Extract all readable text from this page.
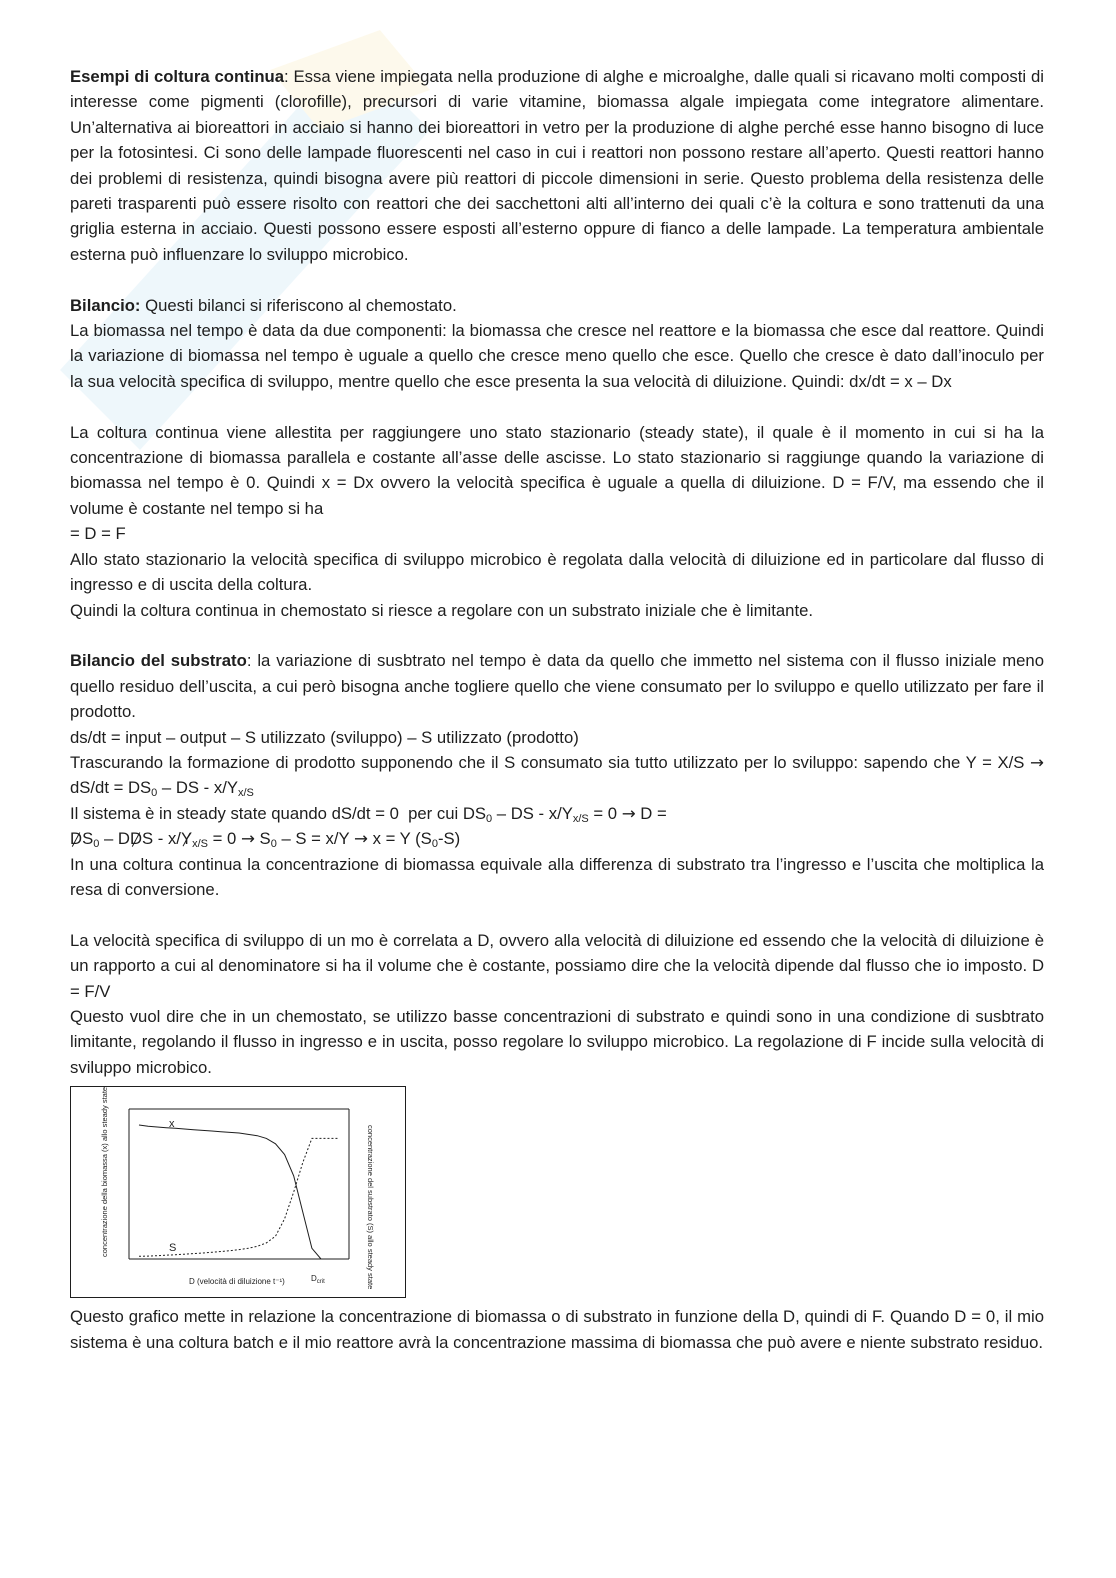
Esempi di coltura continua: Essa viene impiegata nella produzione di alghe e microalghe, dalle quali si ricavano molti composti di interesse come pigmenti (clorofille), precursori di varie vitamine, biomassa algale impiegata come integratore alimentare. Un’alternativa ai bioreattori in acciaio si hanno dei bioreattori in vetro per la produzione di alghe perché esse hanno bisogno di luce per la fotosintesi. Ci sono delle lampade fluorescenti nel caso in cui i reattori non possono restare all’aperto. Questi reattori hanno dei problemi di resistenza, quindi bisogna avere più reattori di piccole dimensioni in serie. Questo problema della resistenza delle pareti trasparenti può essere risolto con reattori che dei sacchettoni alti all’interno dei quali c’è la coltura e sono trattenuti da una griglia esterna in acciaio. Questi possono essere esposti all’esterno oppure di fianco a delle lampade. La temperatura ambientale esterna può influenzare lo sviluppo microbico.

Bilancio: Questi bilanci si riferiscono al chemostato.
La biomassa nel tempo è data da due componenti: la biomassa che cresce nel reattore e la biomassa che esce dal reattore. Quindi la variazione di biomassa nel tempo è uguale a quello che cresce meno quello che esce. Quello che cresce è dato dall’inoculo per la sua velocità specifica di sviluppo, mentre quello che esce presenta la sua velocità di diluizione. Quindi: dx/dt = x – Dx

La coltura continua viene allestita per raggiungere uno stato stazionario (steady state), il quale è il momento in cui si ha la concentrazione di biomassa parallela e costante all’asse delle ascisse. Lo stato stazionario si raggiunge quando la variazione di biomassa nel tempo è 0. Quindi x = Dx ovvero la velocità specifica è uguale a quella di diluizione. D = F/V, ma essendo che il volume è costante nel tempo si ha
= D = F
Allo stato stazionario la velocità specifica di sviluppo microbico è regolata dalla velocità di diluizione ed in particolare dal flusso di ingresso e di uscita della coltura.
Quindi la coltura continua in chemostato si riesce a regolare con un substrato iniziale che è limitante.

Bilancio del substrato: la variazione di susbtrato nel tempo è data da quello che immetto nel sistema con il flusso iniziale meno quello residuo dell’uscita, a cui però bisogna anche togliere quello che viene consumato per lo sviluppo e quello utilizzato per fare il prodotto.
ds/dt = input – output – S utilizzato (sviluppo) – S utilizzato (prodotto)
Trascurando la formazione di prodotto supponendo che il S consumato sia tutto utilizzato per lo sviluppo: sapendo che $Y = X/S \to dS/dt = DS_0$ – DS - $x/Y_{x/S}$

Il sistema è in steady state quando dS/dt = 0  per cui $DS_0$ – DS - $x/Y_{x/S} = 0 \to D$ =

$DS_0$ – DDS - $x/Y_{x/S} = 0 \to S_0 - S = x/Y \to x = Y$ $(S_0-S)$

In una coltura continua la concentrazione di biomassa equivale alla differenza di substrato tra l’ingresso e l’uscita che moltiplica la resa di conversione.

La velocità specifica di sviluppo di un mo è correlata a D, ovvero alla velocità di diluizione ed essendo che la velocità di diluizione è un rapporto a cui al denominatore si ha il volume che è costante, possiamo dire che la velocità dipende dal flusso che io imposto. D = F/V
Questo vuol dire che in un chemostato, se utilizzo basse concentrazioni di substrato e quindi sono in una condizione di susbtrato limitante, regolando il flusso in ingresso e in uscita, posso regolare lo sviluppo microbico. La regolazione di F incide sulla velocità di sviluppo microbico.

x
S
D (velocità di diluizione t⁻¹)	$D_{crit}$
concentrazione della biomassa (x) allo steady state	concentrazione del substrato (S) allo steady state

Questo grafico mette in relazione la concentrazione di biomassa o di substrato in funzione della D, quindi di F. Quando D = 0, il mio sistema è una coltura batch e il mio reattore avrà la concentrazione massima di biomassa che può avere e niente substrato residuo.
